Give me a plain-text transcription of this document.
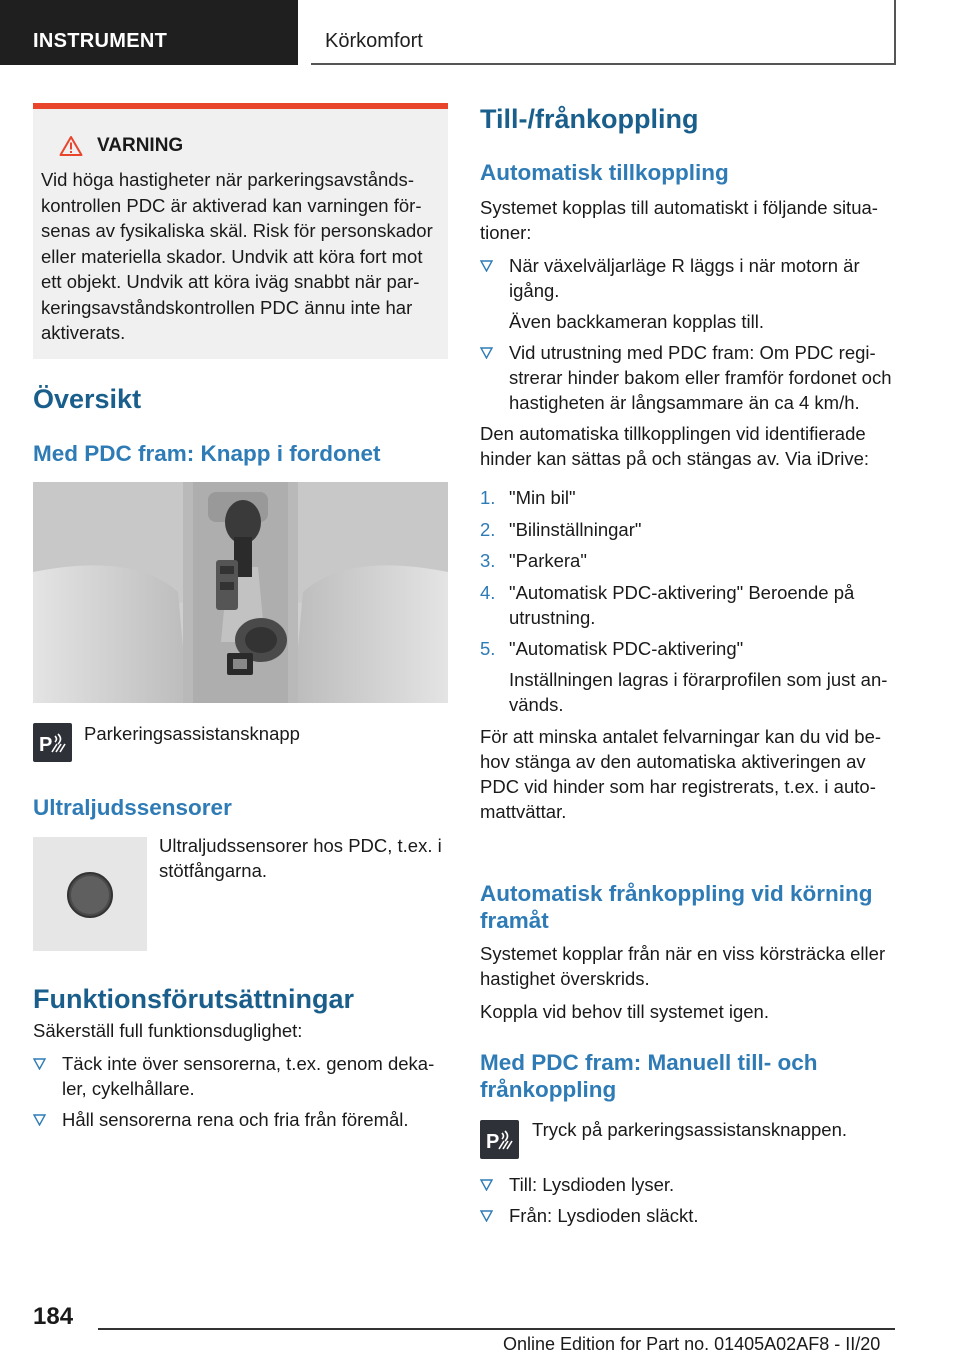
INSTRUMENT	Körkomfort
VARNING
Vid höga hastigheter när parkeringsavståndskontrollen PDC är aktiverad kan varningen försenas av fysikaliska skäl. Risk för personskador eller materiella skador. Undvik att köra fort mot ett objekt. Undvik att köra iväg snabbt när parkeringsavståndskontrollen PDC ännu inte har aktiverats.
Översikt
Med PDC fram: Knapp i fordonet
P Parkeringsassistansknapp
Ultraljudssensorer
Ultraljudssensorer hos PDC, t.ex. i stötfångarna.
Funktionsförutsättningar

Säkerställ full funktionsduglighet:

Täck inte över sensorerna, t.ex. genom dekaler, cykelhållare.
Håll sensorerna rena och fria från föremål.
Till-/frånkoppling
Automatisk tillkoppling

Systemet kopplas till automatiskt i följande situationer:

När växelväljarläge R läggs i när motorn är igång.
Även backkameran kopplas till.
Vid utrustning med PDC fram: Om PDC registrerar hinder bakom eller framför fordonet och hastigheten är långsammare än ca 4 km/h.

Den automatiska tillkopplingen vid identifierade hinder kan sättas på och stängas av. Via iDrive:

1. "Min bil"
2. "Bilinställningar"
3. "Parkera"
4. "Automatisk PDC-aktivering" Beroende på utrustning.
5. "Automatisk PDC-aktivering"
Inställningen lagras i förarprofilen som just används.

För att minska antalet felvarningar kan du vid behov stänga av den automatiska aktiveringen av PDC vid hinder som har registrerats, t.ex. i automattvättar.

Automatisk frånkoppling vid körning framåt

Systemet kopplar från när en viss körsträcka eller hastighet överskrids.

Koppla vid behov till systemet igen.

Med PDC fram: Manuell till- och frånkoppling
P
Tryck på parkeringsassistansknappen.
Till: Lysdioden lyser.
Från: Lysdioden släckt.
184
Online Edition for Part no. 01405A02AF8 - II/20
